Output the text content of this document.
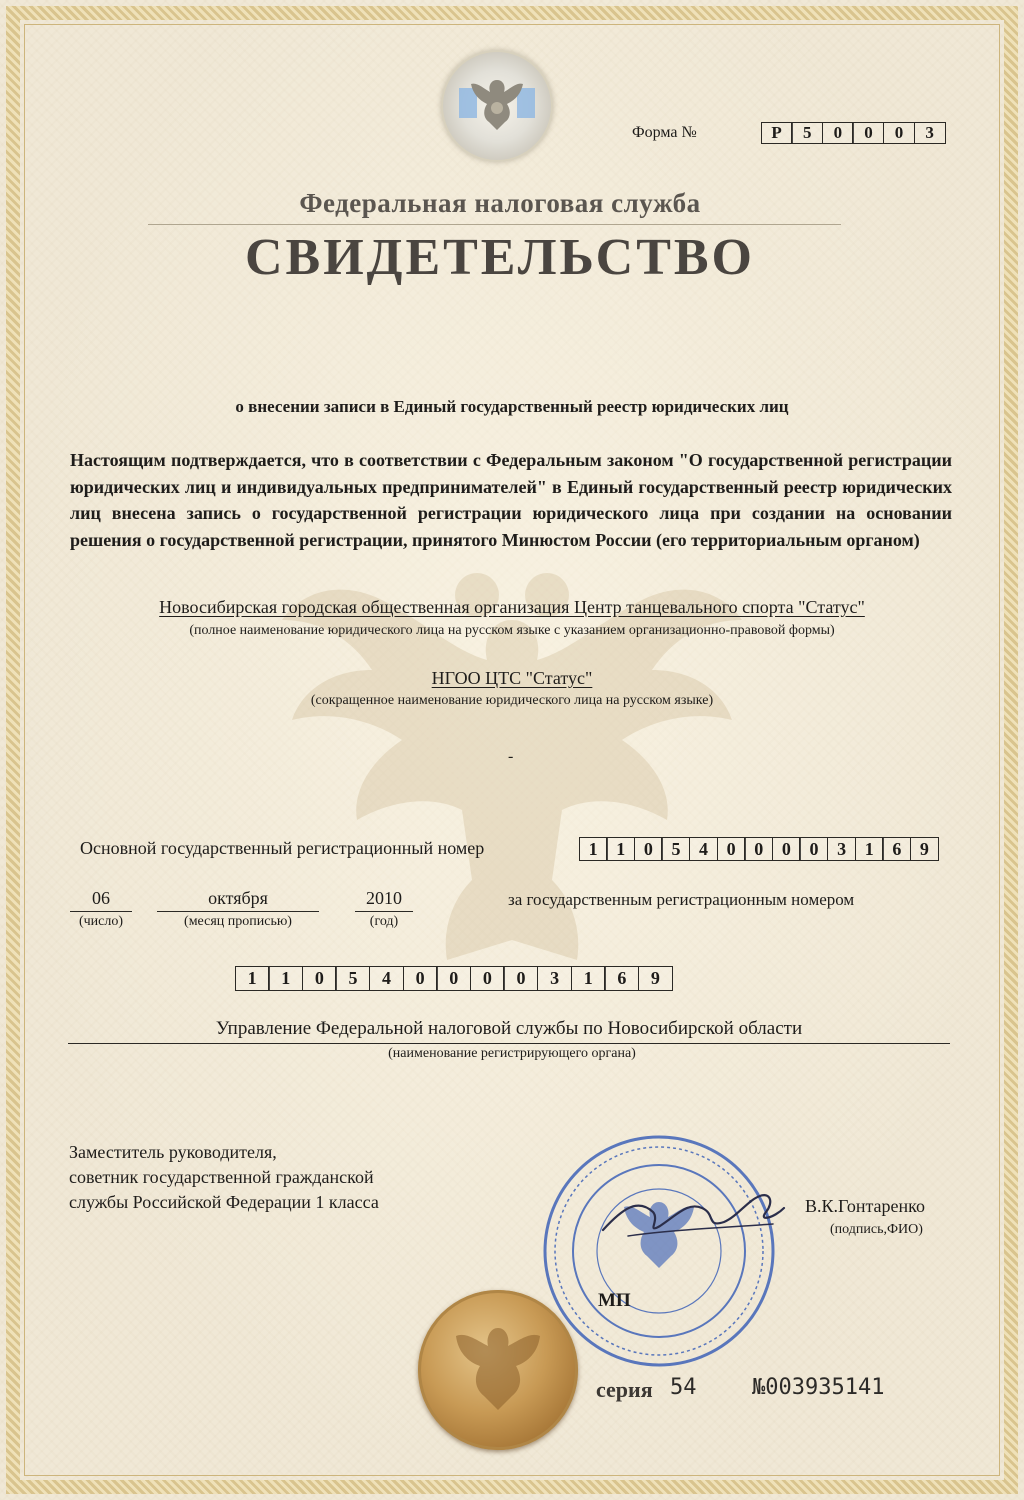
Форма №	Р	5	0	0	0	3
Федеральная налоговая служба
СВИДЕТЕЛЬСТВО
о внесении записи в Единый государственный реестр юридических лиц
Настоящим подтверждается, что в соответствии с Федеральным законом "О государственной регистрации юридических лиц и индивидуальных предпринимателей" в Единый государственный реестр юридических лиц внесена запись о государственной регистрации юридического лица при создании на основании решения о государственной регистрации, принятого Минюстом России (его территориальным органом)
Новосибирская городская общественная организация Центр танцевального спорта "Статус"
(полное наименование юридического лица на русском языке с указанием организационно-правовой формы)
НГОО ЦТС "Статус"
(сокращенное наименование юридического лица на русском языке)
-
Основной государственный регистрационный номер	1	1	0	5	4	0	0	0	0	3	1	6	9
06
(число)
октября
(месяц прописью)
2010
(год)
за государственным регистрационным номером
1	1	0	5	4	0	0	0	0	3	1	6	9
Управление Федеральной налоговой службы по Новосибирской области
(наименование регистрирующего органа)
Заместитель руководителя,
советник государственной гражданской
службы Российской Федерации 1 класса	В.К.Гонтаренко
(подпись,ФИО)
МП
серия 54	№003935141
